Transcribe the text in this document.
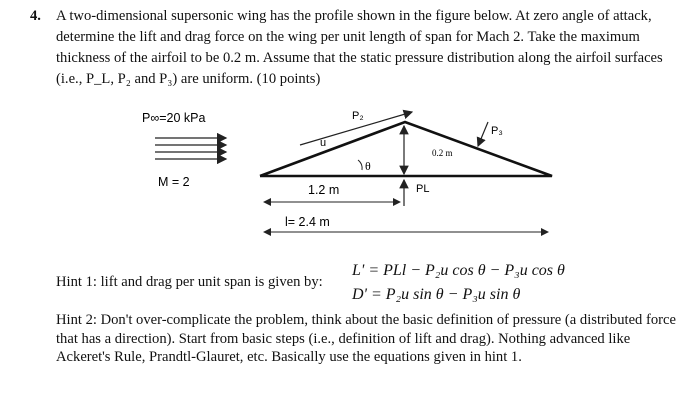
4. A two-dimensional supersonic wing has the profile shown in the figure below. At zero angle of attack, determine the lift and drag force on the wing per unit length of span for Mach 2. Take the maximum thickness of the airfoil to be 0.2 m. Assume that the static pressure distribution along the airfoil surfaces (i.e., P_L, P₂ and P₃) are uniform. (10 points)
P∞=20 kPa
M = 2
P₂
u
P₃
0.2 m
θ
PL
1.2 m
l= 2.4 m
Hint 1: lift and drag per unit span is given by:
L' = PLl − P₂u cos θ − P₃u cos θ
D' = P₂u sin θ − P₃u sin θ
Hint 2: Don't over-complicate the problem, think about the basic definition of pressure (a distributed force that has a direction). Start from basic steps (i.e., definition of lift and drag). Nothing advanced like Ackeret's Rule, Prandtl-Glauret, etc. Basically use the equations given in hint 1.
